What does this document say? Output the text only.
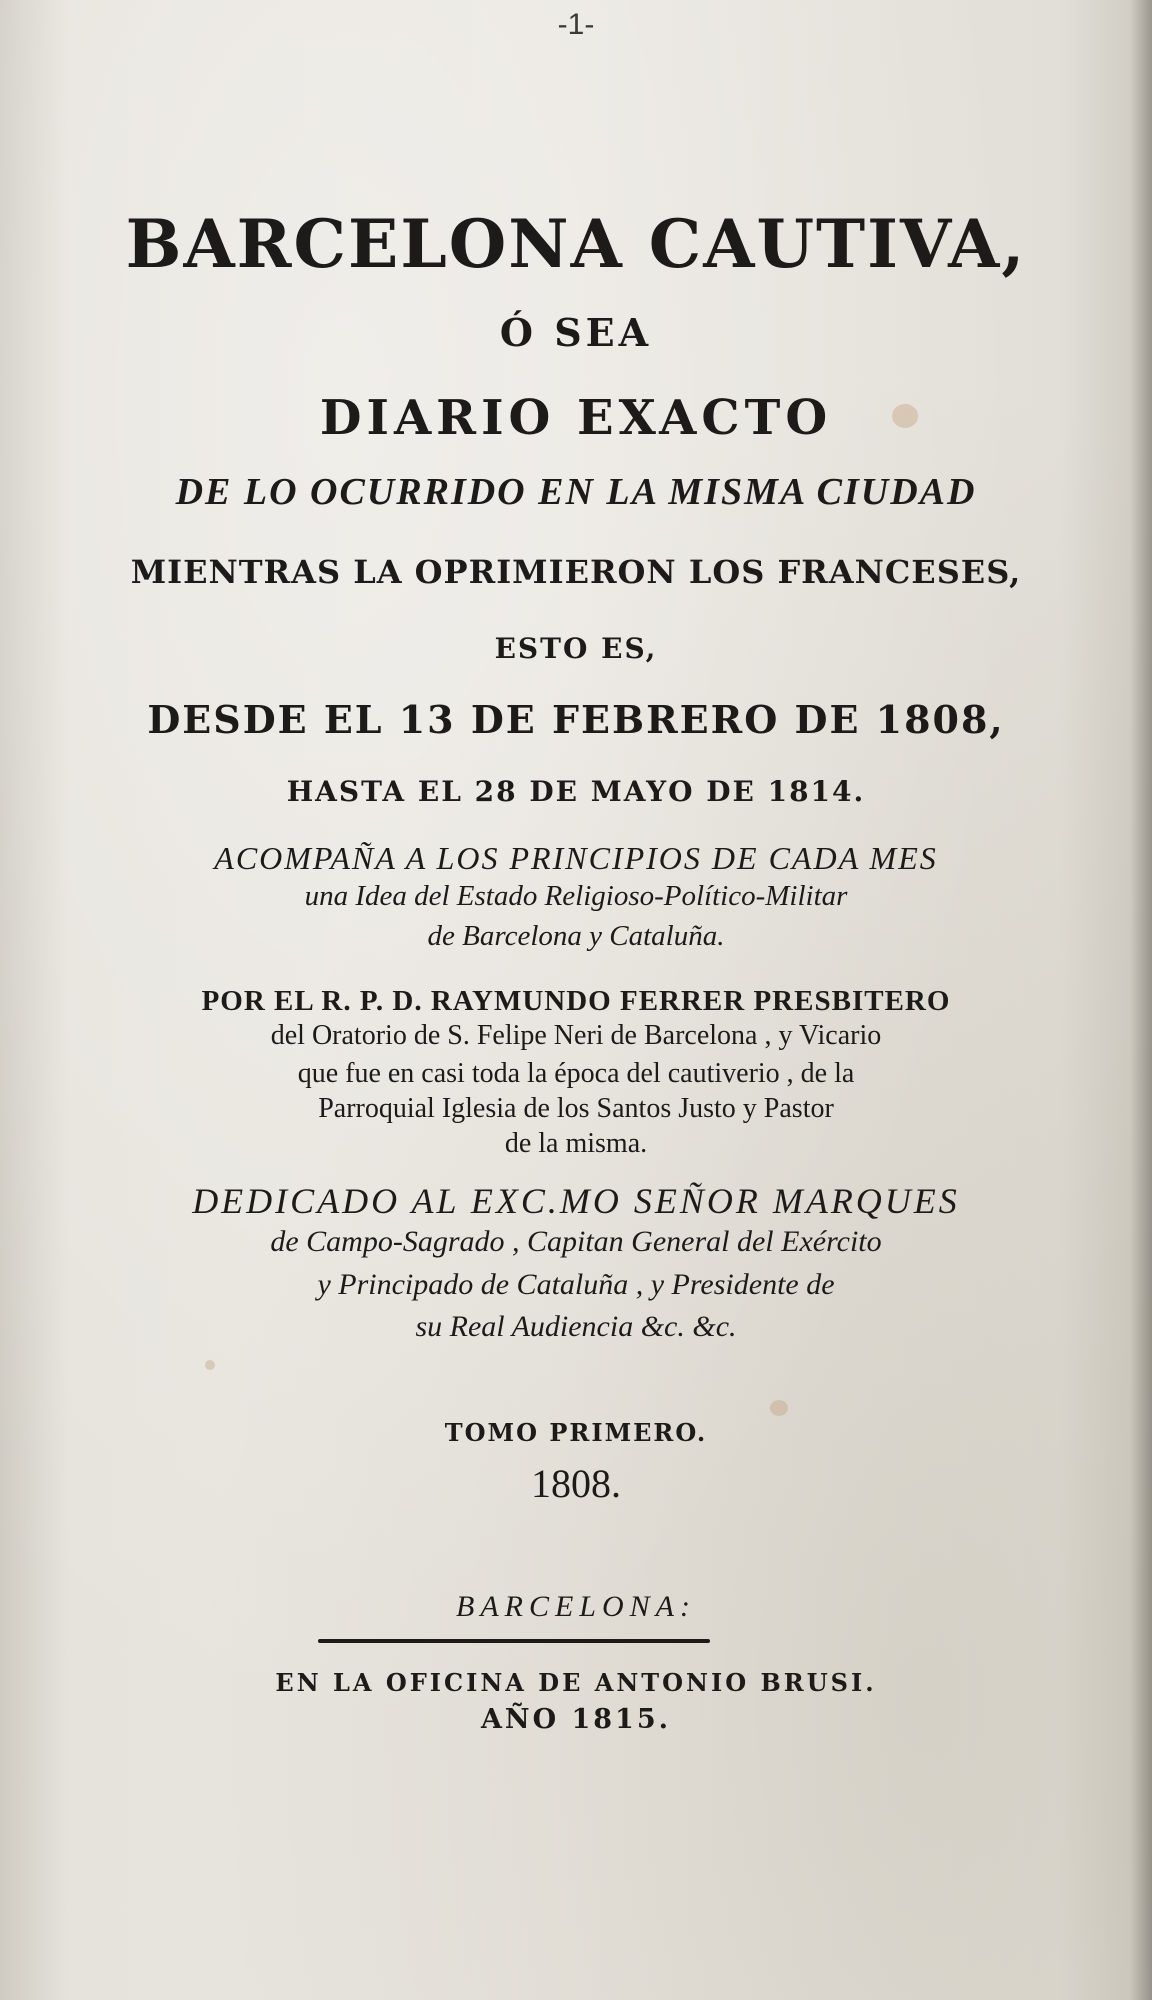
-1-
BARCELONA CAUTIVA,
Ó SEA
DIARIO EXACTO
DE LO OCURRIDO EN LA MISMA CIUDAD
MIENTRAS LA OPRIMIERON LOS FRANCESES,
ESTO ES,
DESDE EL 13 DE FEBRERO DE 1808,
HASTA EL 28 DE MAYO DE 1814.
ACOMPAÑA A LOS PRINCIPIOS DE CADA MES
una Idea del Estado Religioso-Político-Militar
de Barcelona y Cataluña.
POR EL R. P. D. RAYMUNDO FERRER PRESBITERO
del Oratorio de S. Felipe Neri de Barcelona , y Vicario
que fue en casi toda la época del cautiverio , de la
Parroquial Iglesia de los Santos Justo y Pastor
de la misma.
DEDICADO AL EXC.MO SEÑOR MARQUES
de Campo-Sagrado , Capitan General del Exército
y Principado de Cataluña , y Presidente de
su Real Audiencia &c. &c.
TOMO PRIMERO.
1808.
BARCELONA:
EN LA OFICINA DE ANTONIO BRUSI.
AÑO 1815.
